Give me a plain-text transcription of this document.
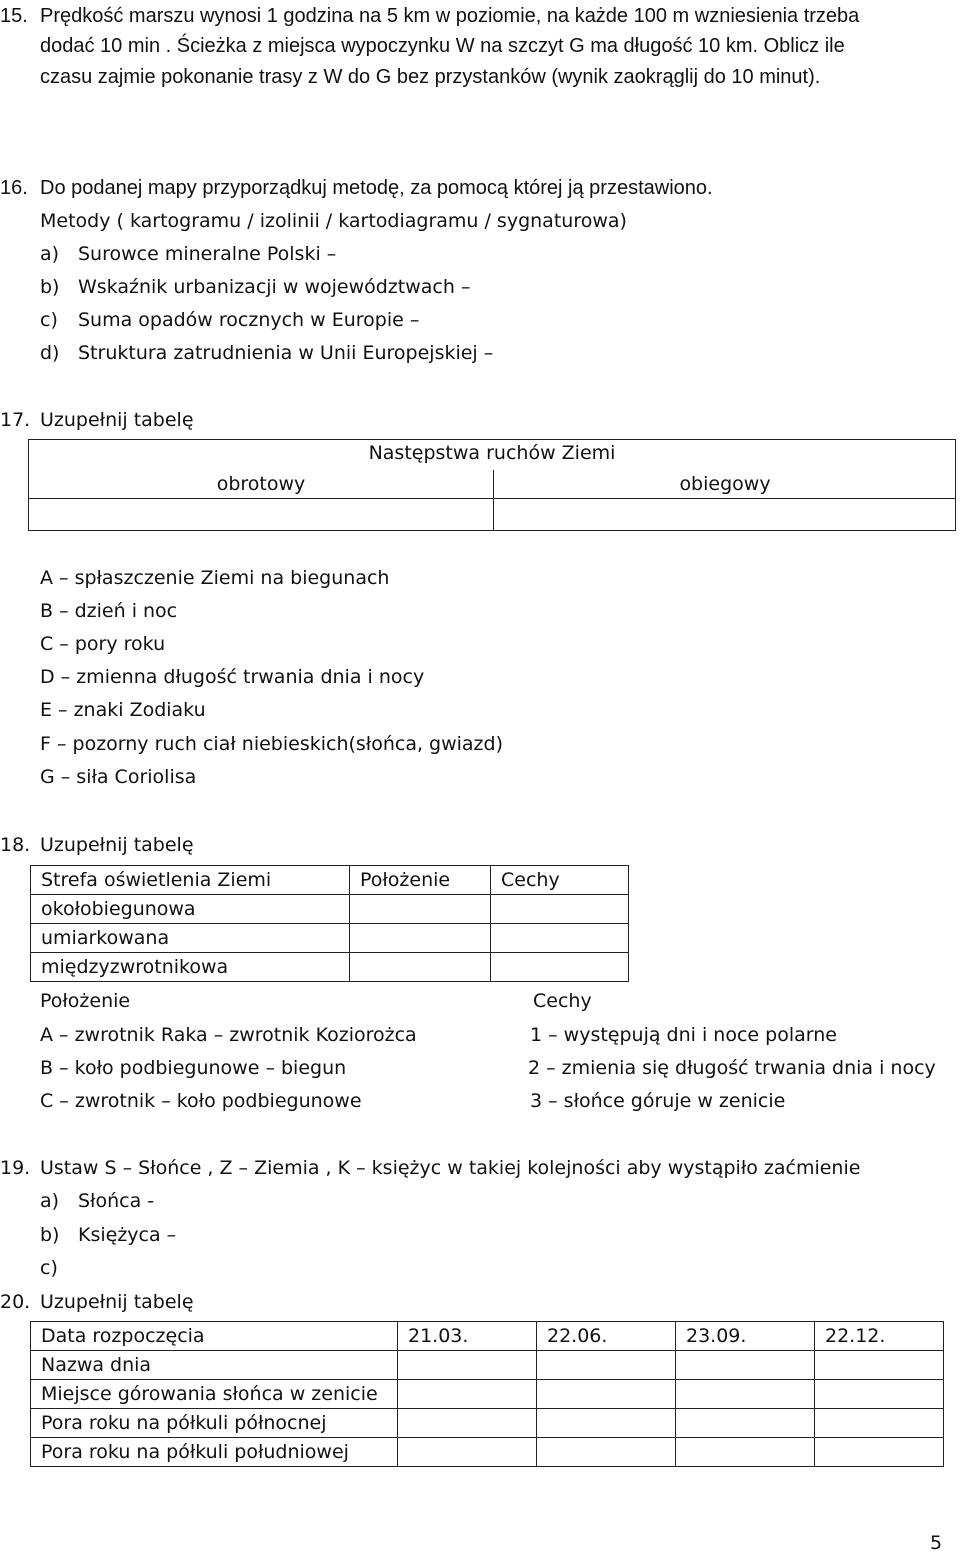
15. Prędkość marszu wynosi 1 godzina na 5 km w poziomie, na każde 100 m wzniesienia trzeba
dodać 10 min . Ścieżka z miejsca wypoczynku W na szczyt G ma długość 10 km. Oblicz ile
czasu zajmie pokonanie trasy z W do G bez przystanków (wynik zaokrąglij do 10 minut).
16. Do podanej mapy przyporządkuj metodę, za pomocą której ją przestawiono.
Metody ( kartogramu / izolinii / kartodiagramu / sygnaturowa)
a) Surowce mineralne Polski –
b) Wskaźnik urbanizacji w województwach –
c) Suma opadów rocznych w Europie –
d) Struktura zatrudnienia w Unii Europejskiej –
17. Uzupełnij tabelę
Następstwa ruchów Ziemi
obrotowy	obiegowy

A – spłaszczenie Ziemi na biegunach
B – dzień i noc
C – pory roku
D – zmienna długość trwania dnia i nocy
E – znaki Zodiaku
F – pozorny ruch ciał niebieskich(słońca, gwiazd)
G – siła Coriolisa
18. Uzupełnij tabelę
Strefa oświetlenia Ziemi	Położenie	Cechy
okołobiegunowa		
umiarkowana		
międzyzwrotnikowa		
Położenie	Cechy
A – zwrotnik Raka – zwrotnik Koziorożca
B – koło podbiegunowe – biegun
C – zwrotnik – koło podbiegunowe
1 – występują dni i noce polarne
2 – zmienia się długość trwania dnia i nocy
3 – słońce góruje w zenicie
19. Ustaw S – Słońce , Z – Ziemia , K – księżyc w takiej kolejności aby wystąpiło zaćmienie
a) Słońca -
b) Księżyca –
c)
20. Uzupełnij tabelę
Data rozpoczęcia	21.03.	22.06.	23.09.	22.12.
Nazwa dnia				
Miejsce górowania słońca w zenicie				
Pora roku na półkuli północnej				
Pora roku na półkuli południowej				
5
